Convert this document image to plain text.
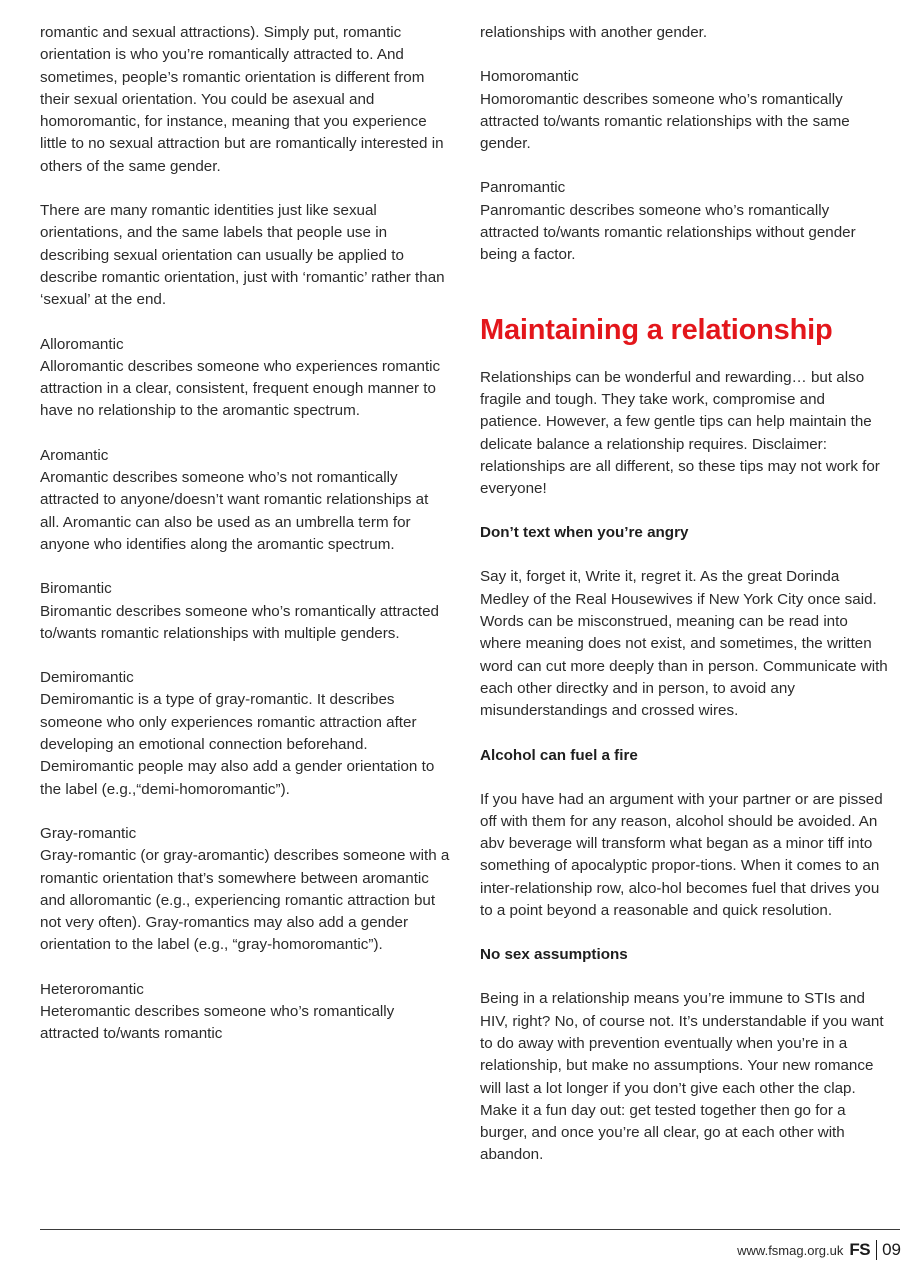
romantic and sexual attractions). Simply put, romantic orientation is who you’re romantically attracted to. And sometimes, people’s romantic orientation is different from their sexual orientation. You could be asexual and homoromantic, for instance, meaning that you experience little to no sexual attraction but are romantically interested in others of the same gender.

There are many romantic identities just like sexual orientations, and the same labels that people use in describing sexual orientation can usually be applied to describe romantic orientation, just with ‘romantic’ rather than ‘sexual’ at the end.

Alloromantic
Alloromantic describes someone who experiences romantic attraction in a clear, consistent, frequent enough manner to have no relationship to the aromantic spectrum.

Aromantic
Aromantic describes someone who’s not romantically attracted to anyone/doesn’t want romantic relationships at all. Aromantic can also be used as an umbrella term for anyone who identifies along the aromantic spectrum.

Biromantic
Biromantic describes someone who’s romantically attracted to/wants romantic relationships with multiple genders.

Demiromantic
Demiromantic is a type of gray-romantic. It describes someone who only experiences romantic attraction after developing an emotional connection beforehand. Demiromantic people may also add a gender orientation to the label (e.g.,“demi-homoromantic”).

Gray-romantic
Gray-romantic (or gray-aromantic) describes someone with a romantic orientation that’s somewhere between aromantic and alloromantic (e.g., experiencing romantic attraction but not very often). Gray-romantics may also add a gender orientation to the label (e.g., “gray-homoromantic”).

Heteroromantic
Heteromantic describes someone who’s romantically attracted to/wants romantic

relationships with another gender.

Homoromantic
Homoromantic describes someone who’s romantically attracted to/wants romantic relationships with the same gender.

Panromantic
Panromantic describes someone who’s romantically attracted to/wants romantic relationships without gender being a factor.

Maintaining a relationship

Relationships can be wonderful and rewarding… but also fragile and tough. They take work, compromise and patience. However, a few gentle tips can help maintain the delicate balance a relationship requires. Disclaimer: relationships are all different, so these tips may not work for everyone!

Don’t text when you’re angry

Say it, forget it, Write it, regret it. As the great Dorinda Medley of the Real Housewives if New York City once said. Words can be misconstrued, meaning can be read into where meaning does not exist, and sometimes, the written word can cut more deeply than in person. Communicate with each other directky and in person, to avoid any misunderstandings and crossed wires.

Alcohol can fuel a fire

If you have had an argument with your partner or are pissed off with them for any reason, alcohol should be avoided. An abv beverage will transform what began as a minor tiff into something of apocalyptic propor-tions. When it comes to an inter-relationship row, alco-hol becomes fuel that drives you to a point beyond a reasonable and quick resolution.

No sex assumptions

Being in a relationship means you’re immune to STIs and HIV, right? No, of course not. It’s understandable if you want to do away with prevention eventually when you’re in a relationship, but make no assumptions. Your new romance will last a lot longer if you don’t give each other the clap. Make it a fun day out: get tested together then go for a burger, and once you’re all clear, go at each other with abandon.

www.fsmag.org.uk FS 09
